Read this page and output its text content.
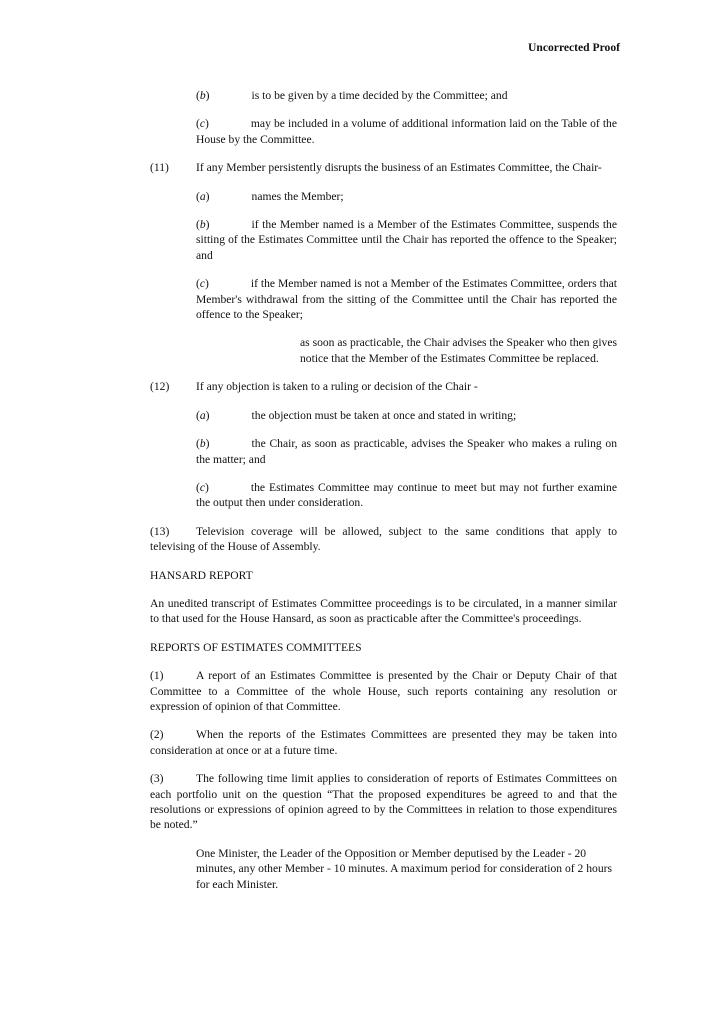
Uncorrected Proof

(b)	is to be given by a time decided by the Committee; and

(c)	may be included in a volume of additional information laid on the Table of the House by the Committee.

(11) If any Member persistently disrupts the business of an Estimates Committee, the Chair-

(a)	names the Member;

(b)	if the Member named is a Member of the Estimates Committee, suspends the sitting of the Estimates Committee until the Chair has reported the offence to the Speaker; and

(c)	if the Member named is not a Member of the Estimates Committee, orders that Member's withdrawal from the sitting of the Committee until the Chair has reported the offence to the Speaker;

as soon as practicable, the Chair advises the Speaker who then gives notice that the Member of the Estimates Committee be replaced.

(12) If any objection is taken to a ruling or decision of the Chair -

(a)	the objection must be taken at once and stated in writing;

(b)	the Chair, as soon as practicable, advises the Speaker who makes a ruling on the matter; and

(c)	the Estimates Committee may continue to meet but may not further examine the output then under consideration.

(13) Television coverage will be allowed, subject to the same conditions that apply to televising of the House of Assembly.

HANSARD REPORT

An unedited transcript of Estimates Committee proceedings is to be circulated, in a manner similar to that used for the House Hansard, as soon as practicable after the Committee's proceedings.

REPORTS OF ESTIMATES COMMITTEES

(1)	A report of an Estimates Committee is presented by the Chair or Deputy Chair of that Committee to a Committee of the whole House, such reports containing any resolution or expression of opinion of that Committee.

(2)	When the reports of the Estimates Committees are presented they may be taken into consideration at once or at a future time.

(3)	The following time limit applies to consideration of reports of Estimates Committees on each portfolio unit on the question “That the proposed expenditures be agreed to and that the resolutions or expressions of opinion agreed to by the Committees in relation to those expenditures be noted.”

One Minister, the Leader of the Opposition or Member deputised by the Leader - 20 minutes, any other Member - 10 minutes. A maximum period for consideration of 2 hours for each Minister.
